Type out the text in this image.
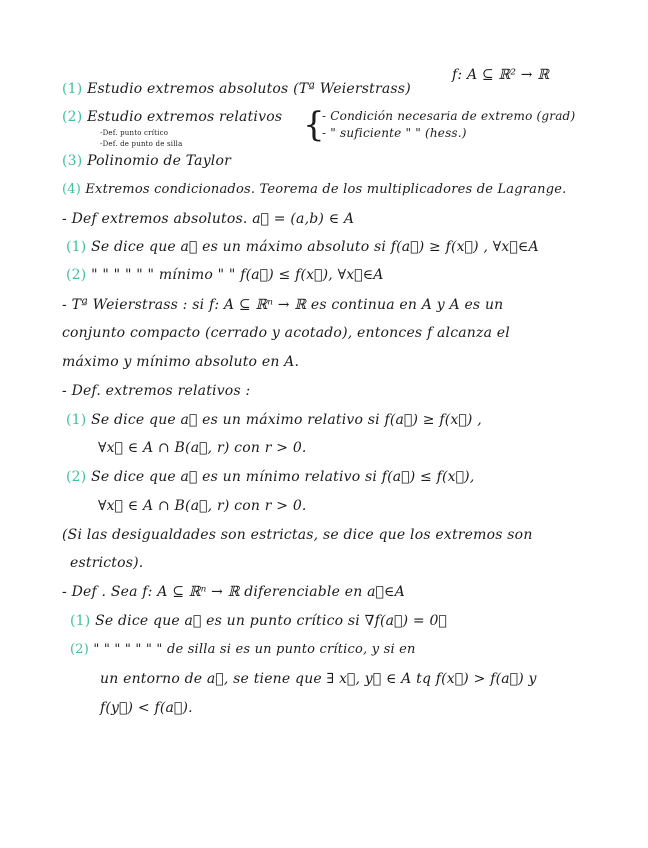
f: A ⊆ ℝ² → ℝ
(1) Estudio extremos absolutos (Tª Weierstrass)
(2) Estudio extremos relativos
-Def. punto crítico
-Def. de punto de silla	{
- Condición necesaria de extremo (grad)
- " suficiente " " (hess.)
(3) Polinomio de Taylor
(4) Extremos condicionados. Teorema de los multiplicadores de Lagrange.
- Def extremos absolutos. a⃗ = (a,b) ∈ A
(1) Se dice que a⃗ es un máximo absoluto si f(a⃗) ≥ f(x⃗) , ∀x⃗∈A
(2) " " " " " " mínimo " " f(a⃗) ≤ f(x⃗), ∀x⃗∈A
- Tª Weierstrass : si f: A ⊆ ℝⁿ → ℝ es continua en A y A es un
conjunto compacto (cerrado y acotado), entonces f alcanza el
máximo y mínimo absoluto en A.
- Def. extremos relativos :
(1) Se dice que a⃗ es un máximo relativo si f(a⃗) ≥ f(x⃗) ,
∀x⃗ ∈ A ∩ B(a⃗, r) con r > 0.
(2) Se dice que a⃗ es un mínimo relativo si f(a⃗) ≤ f(x⃗),
∀x⃗ ∈ A ∩ B(a⃗, r) con r > 0.
(Si las desigualdades son estrictas, se dice que los extremos son
estrictos).
- Def . Sea f: A ⊆ ℝⁿ → ℝ diferenciable en a⃗∈A
(1) Se dice que a⃗ es un punto crítico si ∇f(a⃗) = 0⃗
(2) " " " " " " " de silla si es un punto crítico, y si en
un entorno de a⃗, se tiene que ∃ x⃗, y⃗ ∈ A tq f(x⃗) > f(a⃗) y
f(y⃗) < f(a⃗).
